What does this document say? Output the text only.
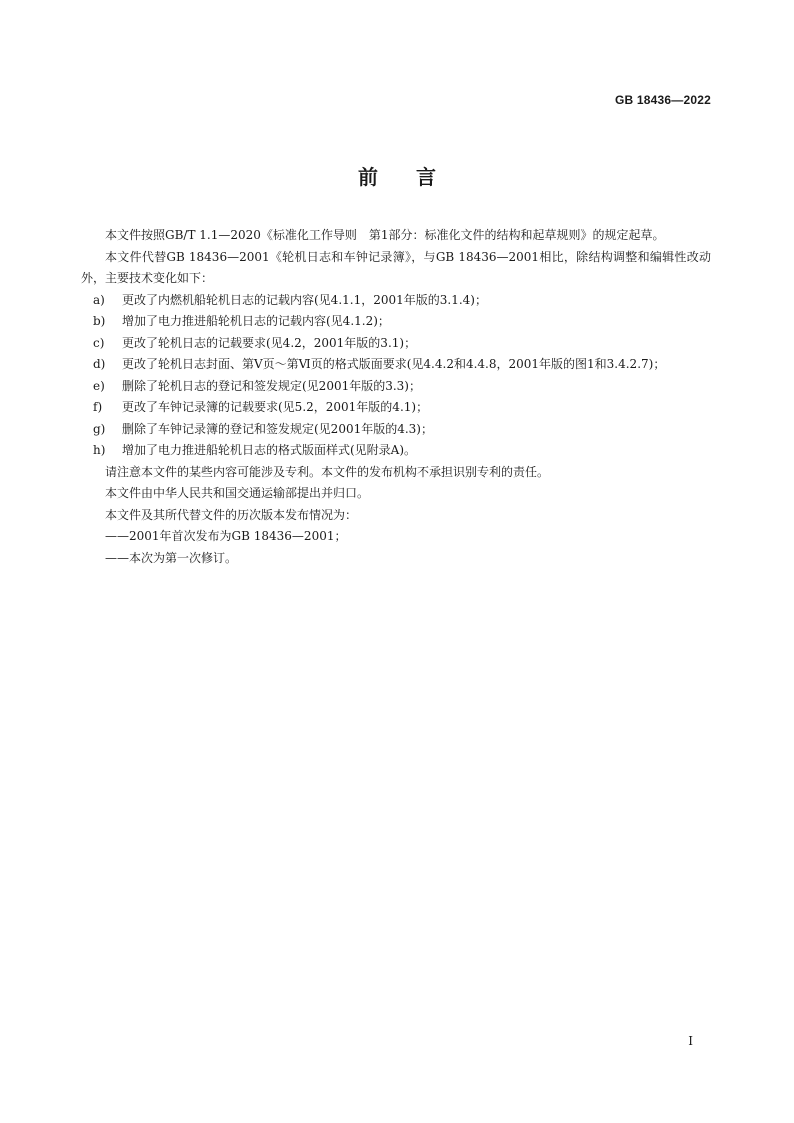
GB 18436—2022
前 言

本文件按照GB/T 1.1—2020《标准化工作导则　第1部分：标准化文件的结构和起草规则》的规定起草。

本文件代替GB 18436—2001《轮机日志和车钟记录簿》，与GB 18436—2001相比，除结构调整和编辑性改动外，主要技术变化如下：

a)	更改了内燃机船轮机日志的记载内容(见4.1.1，2001年版的3.1.4)；
b)	增加了电力推进船轮机日志的记载内容(见4.1.2)；
c)	更改了轮机日志的记载要求(见4.2，2001年版的3.1)；
d)	更改了轮机日志封面、第Ⅴ页～第Ⅵ页的格式版面要求(见4.4.2和4.4.8，2001年版的图1和3.4.2.7)；
e)	删除了轮机日志的登记和签发规定(见2001年版的3.3)；
f)	更改了车钟记录簿的记载要求(见5.2，2001年版的4.1)；
g)	删除了车钟记录簿的登记和签发规定(见2001年版的4.3)；
h)	增加了电力推进船轮机日志的格式版面样式(见附录A)。

请注意本文件的某些内容可能涉及专利。本文件的发布机构不承担识别专利的责任。

本文件由中华人民共和国交通运输部提出并归口。

本文件及其所代替文件的历次版本发布情况为：

——2001年首次发布为GB 18436—2001；

——本次为第一次修订。

Ⅰ
